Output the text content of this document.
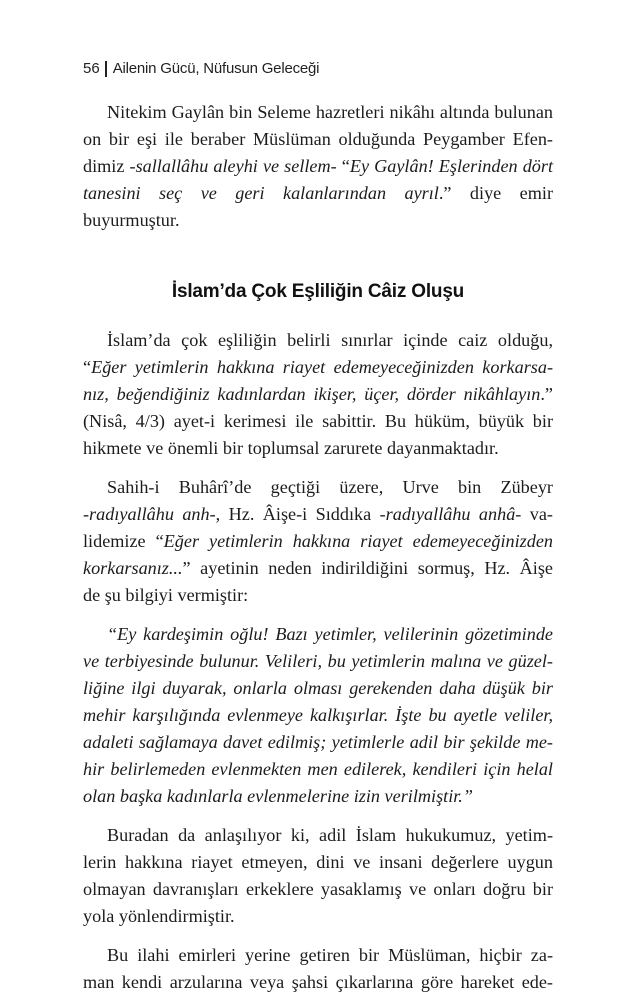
56 Ailenin Gücü, Nüfusun Geleceği
Nitekim Gaylân bin Seleme hazretleri nikâhı altında bulunan
on bir eşi ile beraber Müslüman olduğunda Peygamber Efen-
dimiz -sallallâhu aleyhi ve sellem- “Ey Gaylân! Eşlerinden dört
tanesini seç ve geri kalanlarından ayrıl.” diye emir buyurmuştur.
İslam’da Çok Eşliliğin Câiz Oluşu
İslam’da çok eşliliğin belirli sınırlar içinde caiz olduğu,
“Eğer yetimlerin hakkına riayet edemeyeceğinizden korkarsa-
nız, beğendiğiniz kadınlardan ikişer, üçer, dörder nikâhlayın.”
(Nisâ, 4/3) ayet-i kerimesi ile sabittir. Bu hüküm, büyük bir
hikmete ve önemli bir toplumsal zarurete dayanmaktadır.
Sahih-i Buhârî’de geçtiği üzere, Urve bin Zübeyr
-radıyallâhu anh-, Hz. Âişe-i Sıddıka -radıyallâhu anhâ- va-
lidemize “Eğer yetimlerin hakkına riayet edemeyeceğinizden
korkarsanız...” ayetinin neden indirildiğini sormuş, Hz. Âişe
de şu bilgiyi vermiştir:
“Ey kardeşimin oğlu! Bazı yetimler, velilerinin gözetiminde
ve terbiyesinde bulunur. Velileri, bu yetimlerin malına ve güzel-
liğine ilgi duyarak, onlarla olması gerekenden daha düşük bir
mehir karşılığında evlenmeye kalkışırlar. İşte bu ayetle veliler,
adaleti sağlamaya davet edilmiş; yetimlerle adil bir şekilde me-
hir belirlemeden evlenmekten men edilerek, kendileri için helal
olan başka kadınlarla evlenmelerine izin verilmiştir.”
Buradan da anlaşılıyor ki, adil İslam hukukumuz, yetim-
lerin hakkına riayet etmeyen, dini ve insani değerlere uygun
olmayan davranışları erkeklere yasaklamış ve onları doğru bir
yola yönlendirmiştir.
Bu ilahi emirleri yerine getiren bir Müslüman, hiçbir za-
man kendi arzularına veya şahsi çıkarlarına göre hareket ede-
